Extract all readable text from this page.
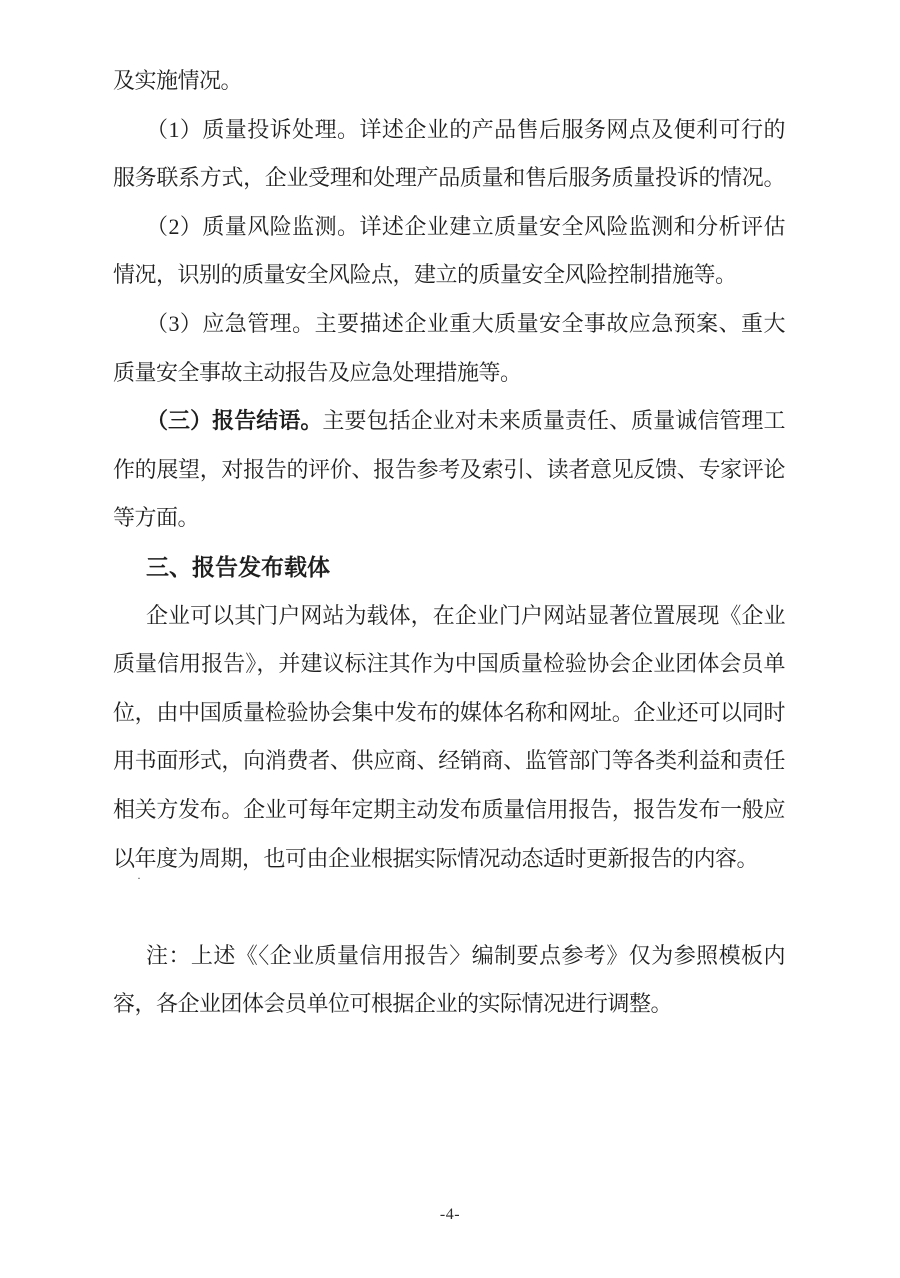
及实施情况。
（1）质量投诉处理。详述企业的产品售后服务网点及便利可行的
服务联系方式，企业受理和处理产品质量和售后服务质量投诉的情况。
（2）质量风险监测。详述企业建立质量安全风险监测和分析评估
情况，识别的质量安全风险点，建立的质量安全风险控制措施等。
（3）应急管理。主要描述企业重大质量安全事故应急预案、重大
质量安全事故主动报告及应急处理措施等。
（三）报告结语。主要包括企业对未来质量责任、质量诚信管理工
作的展望，对报告的评价、报告参考及索引、读者意见反馈、专家评论
等方面。
三、报告发布载体
企业可以其门户网站为载体，在企业门户网站显著位置展现《企业
质量信用报告》，并建议标注其作为中国质量检验协会企业团体会员单
位，由中国质量检验协会集中发布的媒体名称和网址。企业还可以同时
用书面形式，向消费者、供应商、经销商、监管部门等各类利益和责任
相关方发布。企业可每年定期主动发布质量信用报告，报告发布一般应
以年度为周期，也可由企业根据实际情况动态适时更新报告的内容。
注：上述《〈企业质量信用报告〉编制要点参考》仅为参照模板内
容，各企业团体会员单位可根据企业的实际情况进行调整。
·
-4-
